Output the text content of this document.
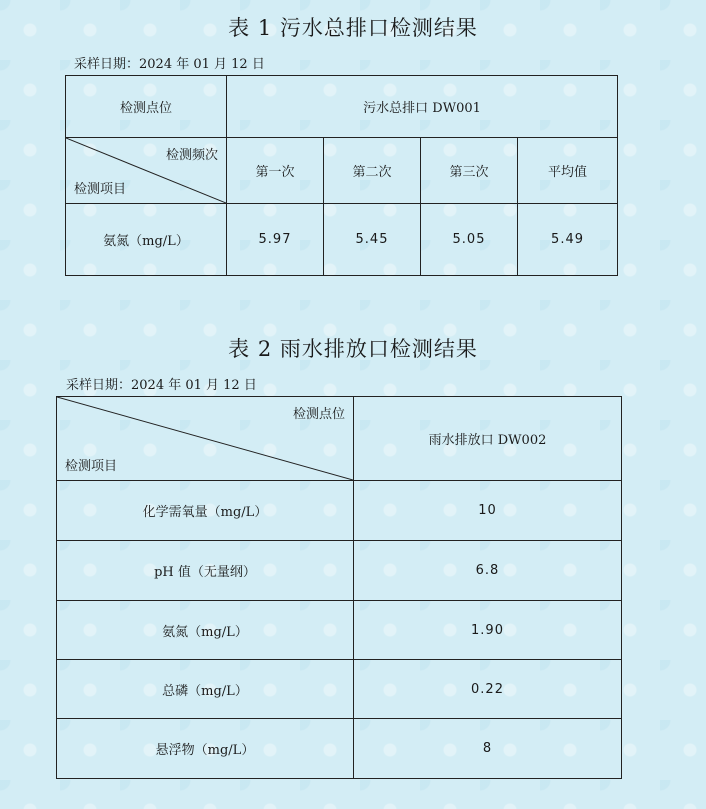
表 1 污水总排口检测结果
采样日期：2024 年 01 月 12 日
检测点位	污水总排口 DW001			

检测频次
检测项目	第一次	第二次	第三次	平均值
氨氮（mg/L）	5.97	5.45	5.05	5.49
表 2 雨水排放口检测结果
采样日期：2024 年 01 月 12 日
检测点位
检测项目	雨水排放口 DW002
化学需氧量（mg/L）	10
pH 值（无量纲）	6.8
氨氮（mg/L）	1.90
总磷（mg/L）	0.22
悬浮物（mg/L）	8
